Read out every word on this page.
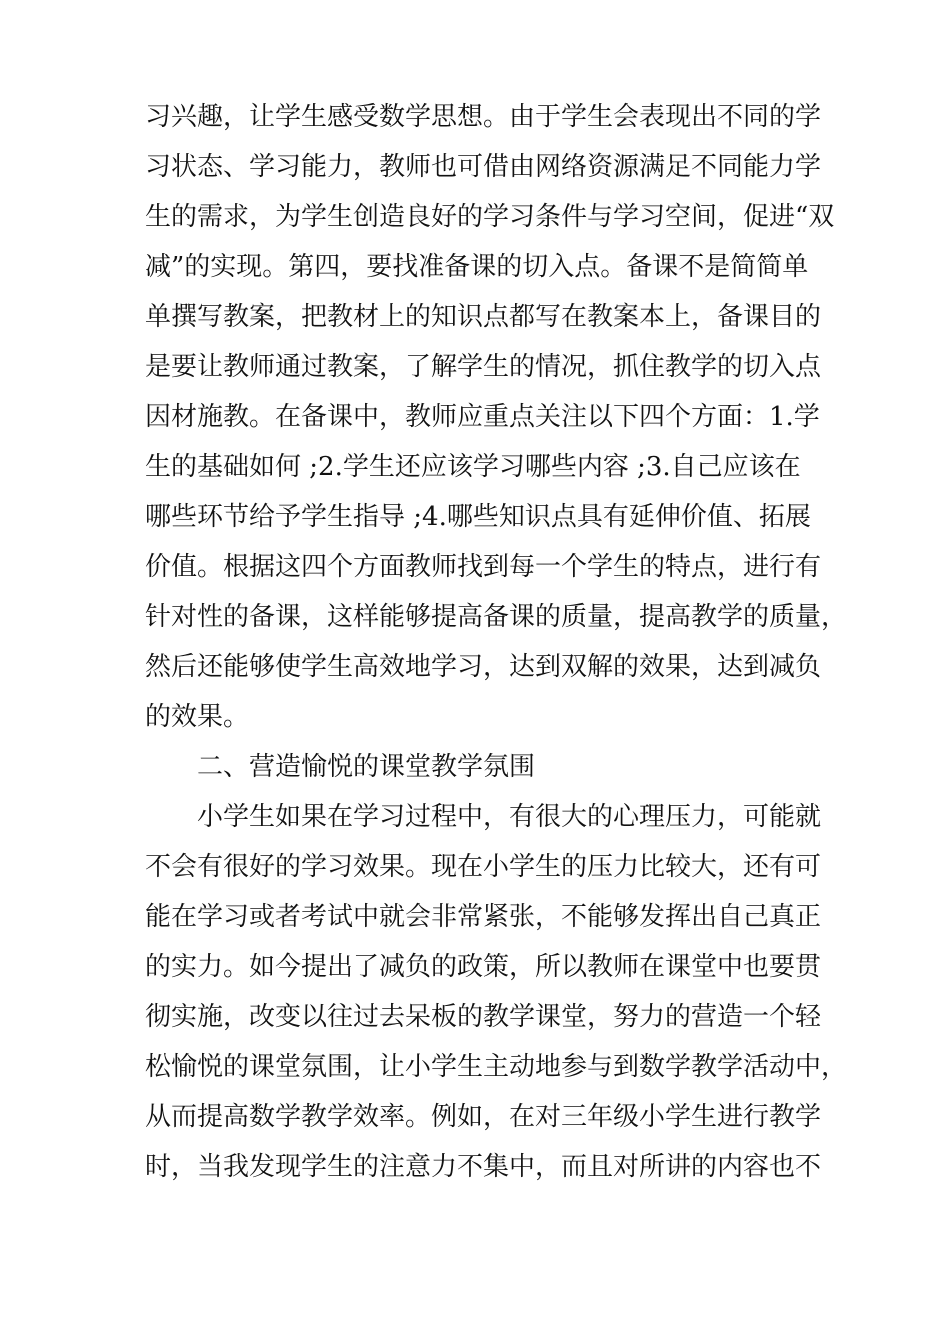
习兴趣，让学生感受数学思想。由于学生会表现出不同的学
习状态、学习能力，教师也可借由网络资源满足不同能力学
生的需求，为学生创造良好的学习条件与学习空间，促进“双
减”的实现。第四，要找准备课的切入点。备课不是简简单
单撰写教案，把教材上的知识点都写在教案本上，备课目的
是要让教师通过教案，了解学生的情况，抓住教学的切入点
因材施教。在备课中，教师应重点关注以下四个方面：1.学
生的基础如何 ;2.学生还应该学习哪些内容 ;3.自己应该在
哪些环节给予学生指导 ;4.哪些知识点具有延伸价值、拓展
价值。根据这四个方面教师找到每一个学生的特点，进行有
针对性的备课，这样能够提高备课的质量，提高教学的质量，
然后还能够使学生高效地学习，达到双解的效果，达到减负
的效果。
二、营造愉悦的课堂教学氛围
小学生如果在学习过程中，有很大的心理压力，可能就
不会有很好的学习效果。现在小学生的压力比较大，还有可
能在学习或者考试中就会非常紧张，不能够发挥出自己真正
的实力。如今提出了减负的政策，所以教师在课堂中也要贯
彻实施，改变以往过去呆板的教学课堂，努力的营造一个轻
松愉悦的课堂氛围，让小学生主动地参与到数学教学活动中，
从而提高数学教学效率。例如，在对三年级小学生进行教学
时，当我发现学生的注意力不集中，而且对所讲的内容也不
